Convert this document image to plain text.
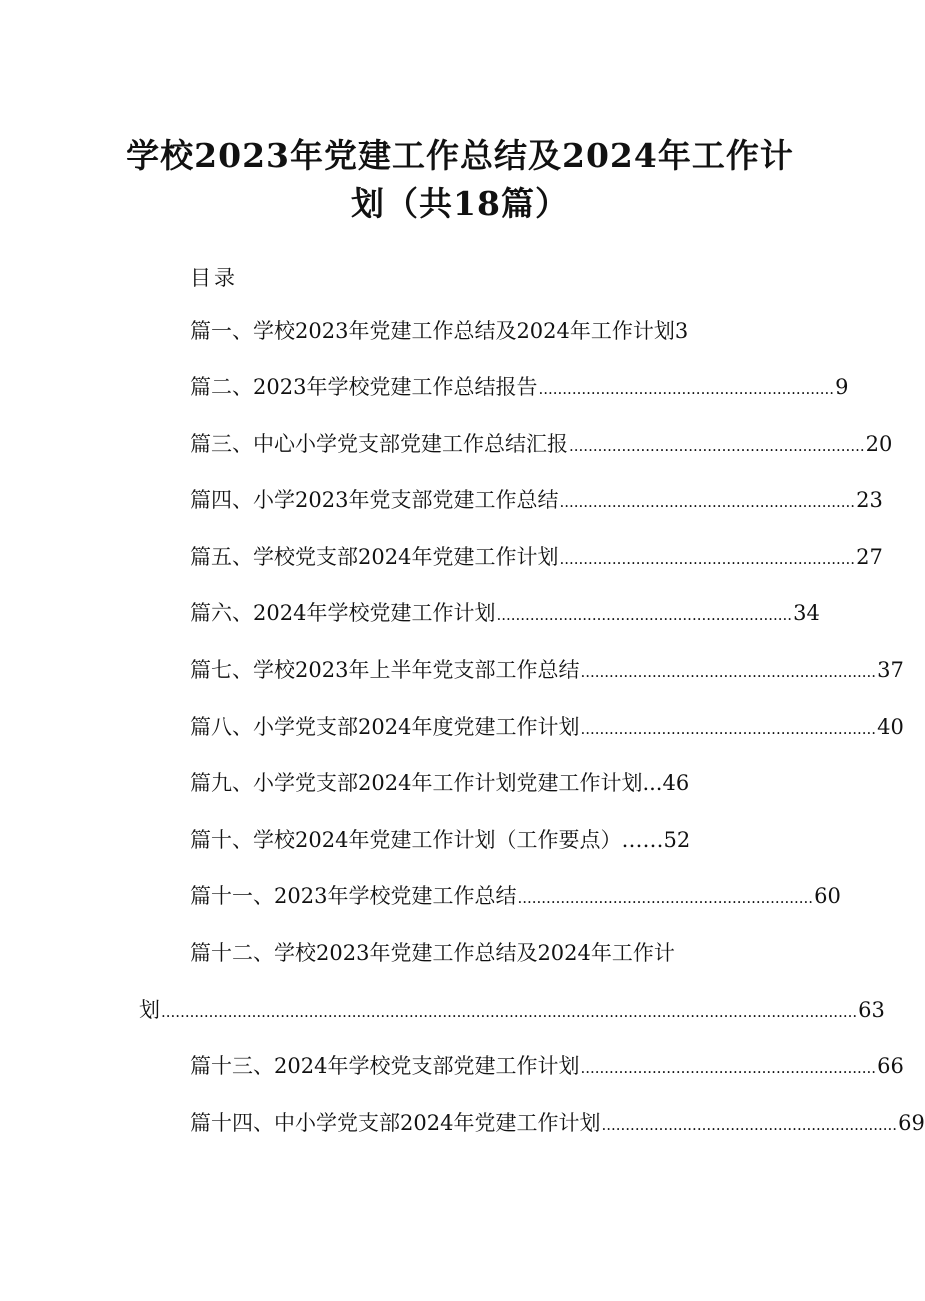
学校2023年党建工作总结及2024年工作计
划（共18篇）
目录
篇一、学校2023年党建工作总结及2024年工作计划 3
篇二、2023年学校党建工作总结报告 .............................................................. 9
篇三、中心小学党支部党建工作总结汇报 .............................................................. 20
篇四、小学2023年党支部党建工作总结 .............................................................. 23
篇五、学校党支部2024年党建工作计划 .............................................................. 27
篇六、2024年学校党建工作计划 .............................................................. 34
篇七、学校2023年上半年党支部工作总结 .............................................................. 37
篇八、小学党支部2024年度党建工作计划 .............................................................. 40
篇九、小学党支部2024年工作计划党建工作计划 ... 46
篇十、学校2024年党建工作计划（工作要点） …… 52
篇十一、2023年学校党建工作总结 .............................................................. 60
篇十二、学校2023年党建工作总结及2024年工作计
划 .................................................................................................................................................. 63
篇十三、2024年学校党支部党建工作计划 .............................................................. 66
篇十四、中小学党支部2024年党建工作计划 .............................................................. 69
